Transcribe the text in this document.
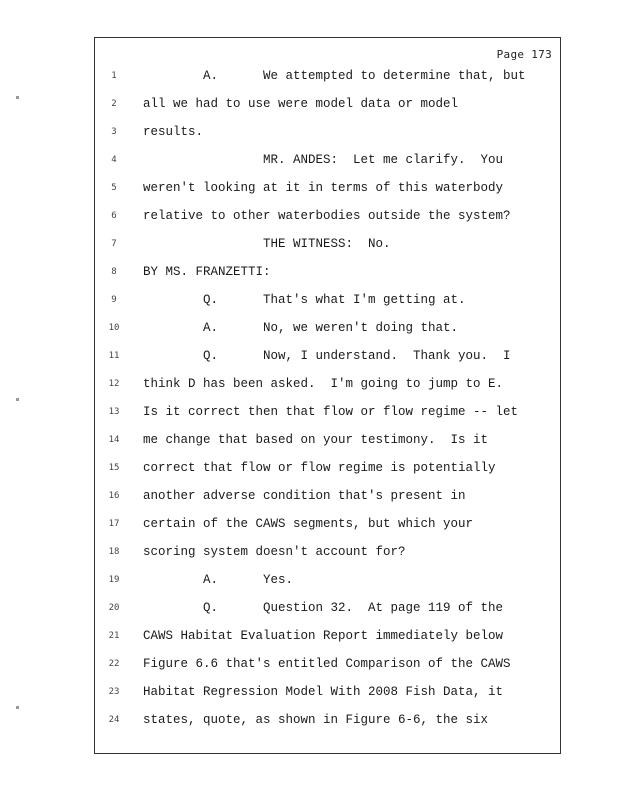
Page 173
1	A.      We attempted to determine that, but
2	all we had to use were model data or model
3	results.
4	MR. ANDES:  Let me clarify.  You
5	weren't looking at it in terms of this waterbody
6	relative to other waterbodies outside the system?
7	THE WITNESS:  No.
8	BY MS. FRANZETTI:
9	Q.      That's what I'm getting at.
10	A.      No, we weren't doing that.
11	Q.      Now, I understand.  Thank you.  I
12	think D has been asked.  I'm going to jump to E.
13	Is it correct then that flow or flow regime -- let
14	me change that based on your testimony.  Is it
15	correct that flow or flow regime is potentially
16	another adverse condition that's present in
17	certain of the CAWS segments, but which your
18	scoring system doesn't account for?
19	A.      Yes.
20	Q.      Question 32.  At page 119 of the
21	CAWS Habitat Evaluation Report immediately below
22	Figure 6.6 that's entitled Comparison of the CAWS
23	Habitat Regression Model With 2008 Fish Data, it
24	states, quote, as shown in Figure 6-6, the six
